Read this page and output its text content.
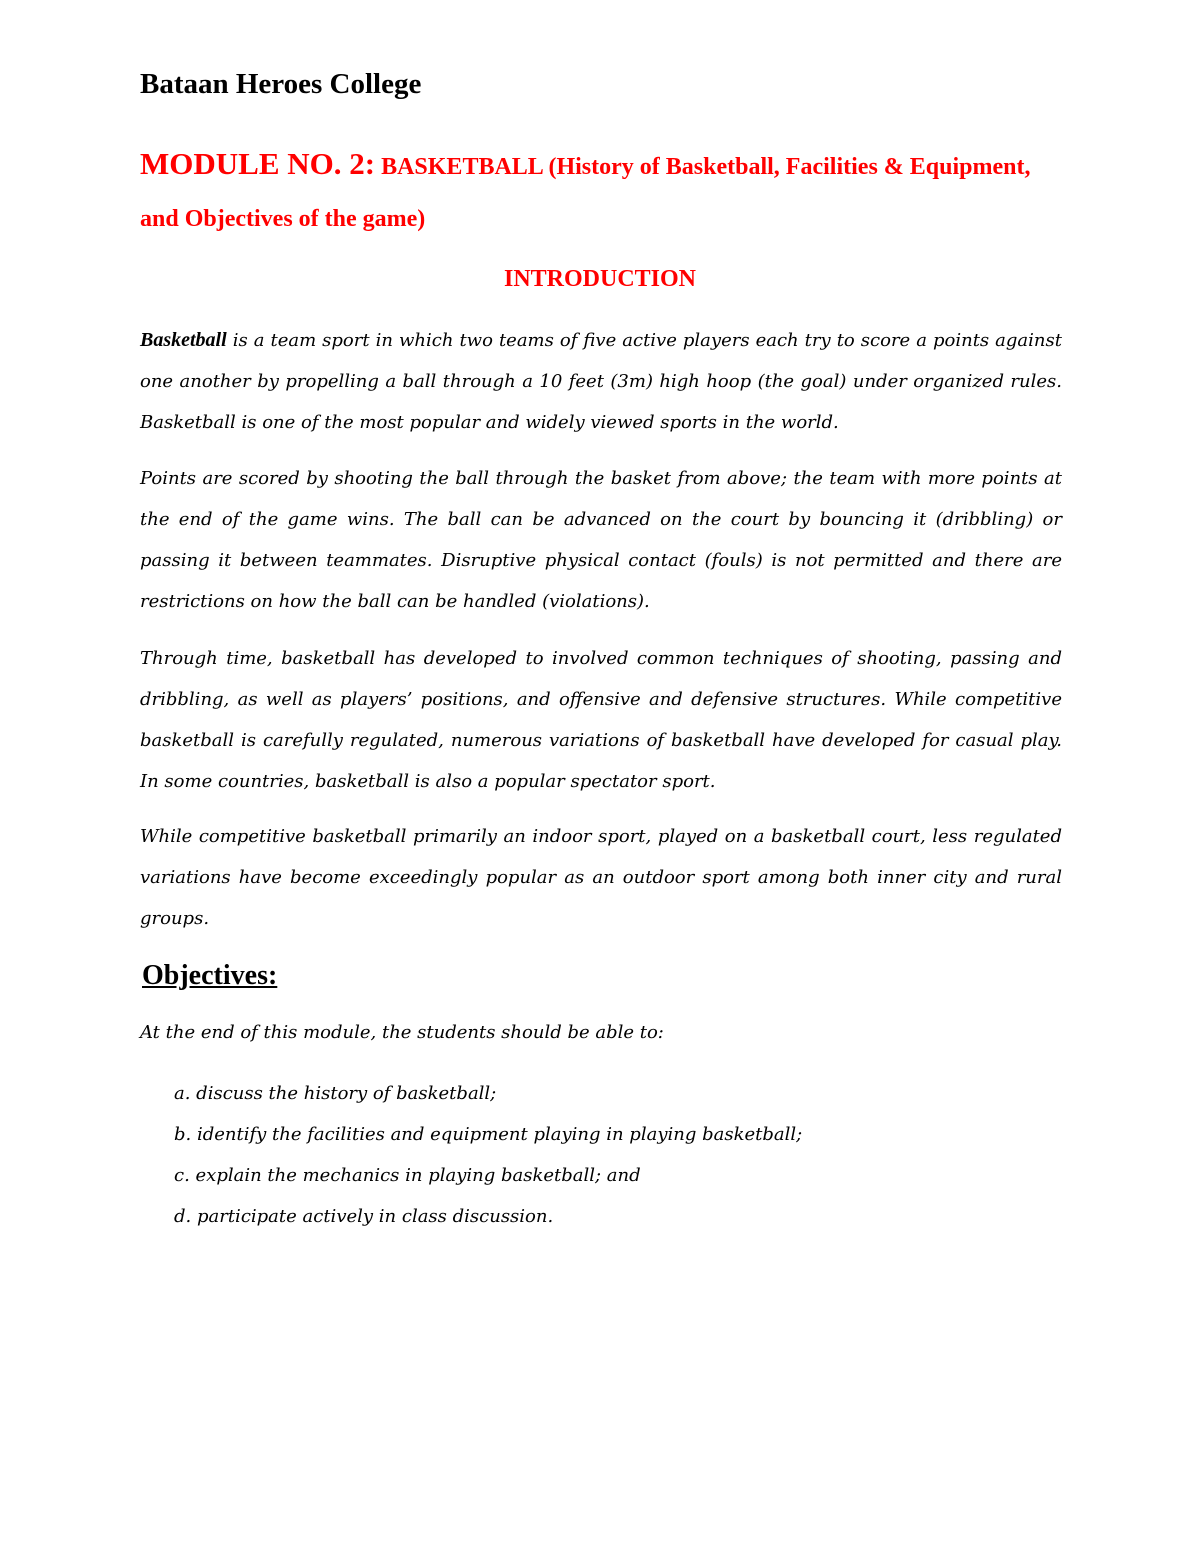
Bataan Heroes College
MODULE NO. 2: BASKETBALL (History of Basketball, Facilities & Equipment, and Objectives of the game)
INTRODUCTION

Basketball is a team sport in which two teams of five active players each try to score a points against one another by propelling a ball through a 10 feet (3m) high hoop (the goal) under organized rules. Basketball is one of the most popular and widely viewed sports in the world.

Points are scored by shooting the ball through the basket from above; the team with more points at the end of the game wins. The ball can be advanced on the court by bouncing it (dribbling) or passing it between teammates. Disruptive physical contact (fouls) is not permitted and there are restrictions on how the ball can be handled (violations).

Through time, basketball has developed to involved common techniques of shooting, passing and dribbling, as well as players’ positions, and offensive and defensive structures. While competitive basketball is carefully regulated, numerous variations of basketball have developed for casual play. In some countries, basketball is also a popular spectator sport.

While competitive basketball primarily an indoor sport, played on a basketball court, less regulated variations have become exceedingly popular as an outdoor sport among both inner city and rural groups.

Objectives:

At the end of this module, the students should be able to:

a. discuss the history of basketball;
b. identify the facilities and equipment playing in playing basketball;
c. explain the mechanics in playing basketball; and
d. participate actively in class discussion.
